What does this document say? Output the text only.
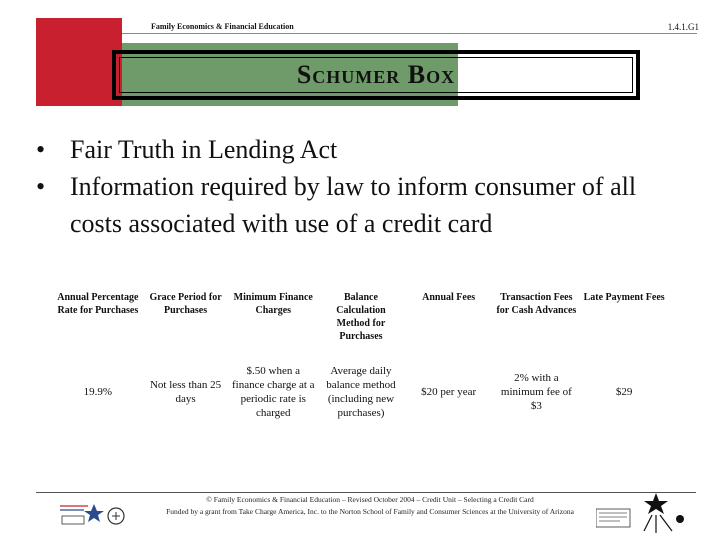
Family Economics & Financial Education	1.4.1.G1
Schumer Box
• Fair Truth in Lending Act
• Information required by law to inform consumer of all costs associated with use of a credit card
Annual Percentage Rate for Purchases	Grace Period for Purchases	Minimum Finance Charges	Balance Calculation Method for Purchases	Annual Fees	Transaction Fees for Cash Advances	Late Payment Fees
19.9%	Not less than 25 days	$.50 when a finance charge at a periodic rate is charged	Average daily balance method (including new purchases)	$20 per year	2% with a minimum fee of $3	$29
© Family Economics & Financial Education – Revised October 2004 – Credit Unit – Selecting a Credit Card
Funded by a grant from Take Charge America, Inc. to the Norton School of Family and Consumer Sciences at the University of Arizona
